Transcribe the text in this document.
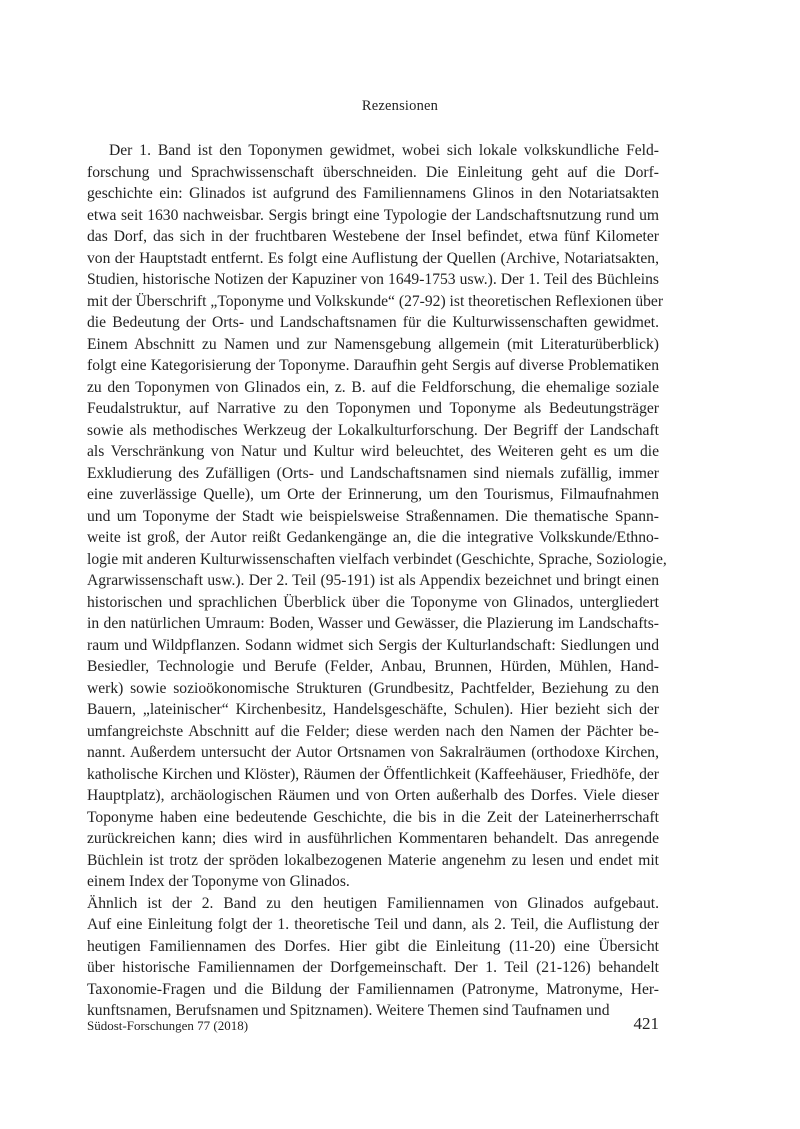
Rezensionen
Der 1. Band ist den Toponymen gewidmet, wobei sich lokale volkskundliche Feld-
forschung und Sprachwissenschaft überschneiden. Die Einleitung geht auf die Dorf-
geschichte ein: Glinados ist aufgrund des Familiennamens Glinos in den Notariatsakten
etwa seit 1630 nachweisbar. Sergis bringt eine Typologie der Landschaftsnutzung rund um
das Dorf, das sich in der fruchtbaren Westebene der Insel befindet, etwa fünf Kilometer
von der Hauptstadt entfernt. Es folgt eine Auflistung der Quellen (Archive, Notariatsakten,
Studien, historische Notizen der Kapuziner von 1649-1753 usw.). Der 1. Teil des Büchleins
mit der Überschrift „Toponyme und Volkskunde“ (27-92) ist theoretischen Reflexionen über
die Bedeutung der Orts- und Landschaftsnamen für die Kulturwissenschaften gewidmet.
Einem Abschnitt zu Namen und zur Namensgebung allgemein (mit Literaturüberblick)
folgt eine Kategorisierung der Toponyme. Daraufhin geht Sergis auf diverse Problematiken
zu den Toponymen von Glinados ein, z. B. auf die Feldforschung, die ehemalige soziale
Feudalstruktur, auf Narrative zu den Toponymen und Toponyme als Bedeutungsträger
sowie als methodisches Werkzeug der Lokalkulturforschung. Der Begriff der Landschaft
als Verschränkung von Natur und Kultur wird beleuchtet, des Weiteren geht es um die
Exkludierung des Zufälligen (Orts- und Landschaftsnamen sind niemals zufällig, immer
eine zuverlässige Quelle), um Orte der Erinnerung, um den Tourismus, Filmaufnahmen
und um Toponyme der Stadt wie beispielsweise Straßennamen. Die thematische Spann-
weite ist groß, der Autor reißt Gedankengänge an, die die integrative Volkskunde/Ethno-
logie mit anderen Kulturwissenschaften vielfach verbindet (Geschichte, Sprache, Soziologie,
Agrarwissenschaft usw.). Der 2. Teil (95-191) ist als Appendix bezeichnet und bringt einen
historischen und sprachlichen Überblick über die Toponyme von Glinados, untergliedert
in den natürlichen Umraum: Boden, Wasser und Gewässer, die Plazierung im Landschafts-
raum und Wildpflanzen. Sodann widmet sich Sergis der Kulturlandschaft: Siedlungen und
Besiedler, Technologie und Berufe (Felder, Anbau, Brunnen, Hürden, Mühlen, Hand-
werk) sowie sozioökonomische Strukturen (Grundbesitz, Pachtfelder, Beziehung zu den
Bauern, „lateinischer“ Kirchenbesitz, Handelsgeschäfte, Schulen). Hier bezieht sich der
umfangreichste Abschnitt auf die Felder; diese werden nach den Namen der Pächter be-
nannt. Außerdem untersucht der Autor Ortsnamen von Sakralräumen (orthodoxe Kirchen,
katholische Kirchen und Klöster), Räumen der Öffentlichkeit (Kaffeehäuser, Friedhöfe, der
Hauptplatz), archäologischen Räumen und von Orten außerhalb des Dorfes. Viele dieser
Toponyme haben eine bedeutende Geschichte, die bis in die Zeit der Lateinerherrschaft
zurückreichen kann; dies wird in ausführlichen Kommentaren behandelt. Das anregende
Büchlein ist trotz der spröden lokalbezogenen Materie angenehm zu lesen und endet mit
einem Index der Toponyme von Glinados.
Ähnlich ist der 2. Band zu den heutigen Familiennamen von Glinados aufgebaut.
Auf eine Einleitung folgt der 1. theoretische Teil und dann, als 2. Teil, die Auflistung der
heutigen Familiennamen des Dorfes. Hier gibt die Einleitung (11-20) eine Übersicht
über historische Familiennamen der Dorfgemeinschaft. Der 1. Teil (21-126) behandelt
Taxonomie-Fragen und die Bildung der Familiennamen (Patronyme, Matronyme, Her-
kunftsnamen, Berufsnamen und Spitznamen). Weitere Themen sind Taufnamen und
Südost-Forschungen 77 (2018)	421
